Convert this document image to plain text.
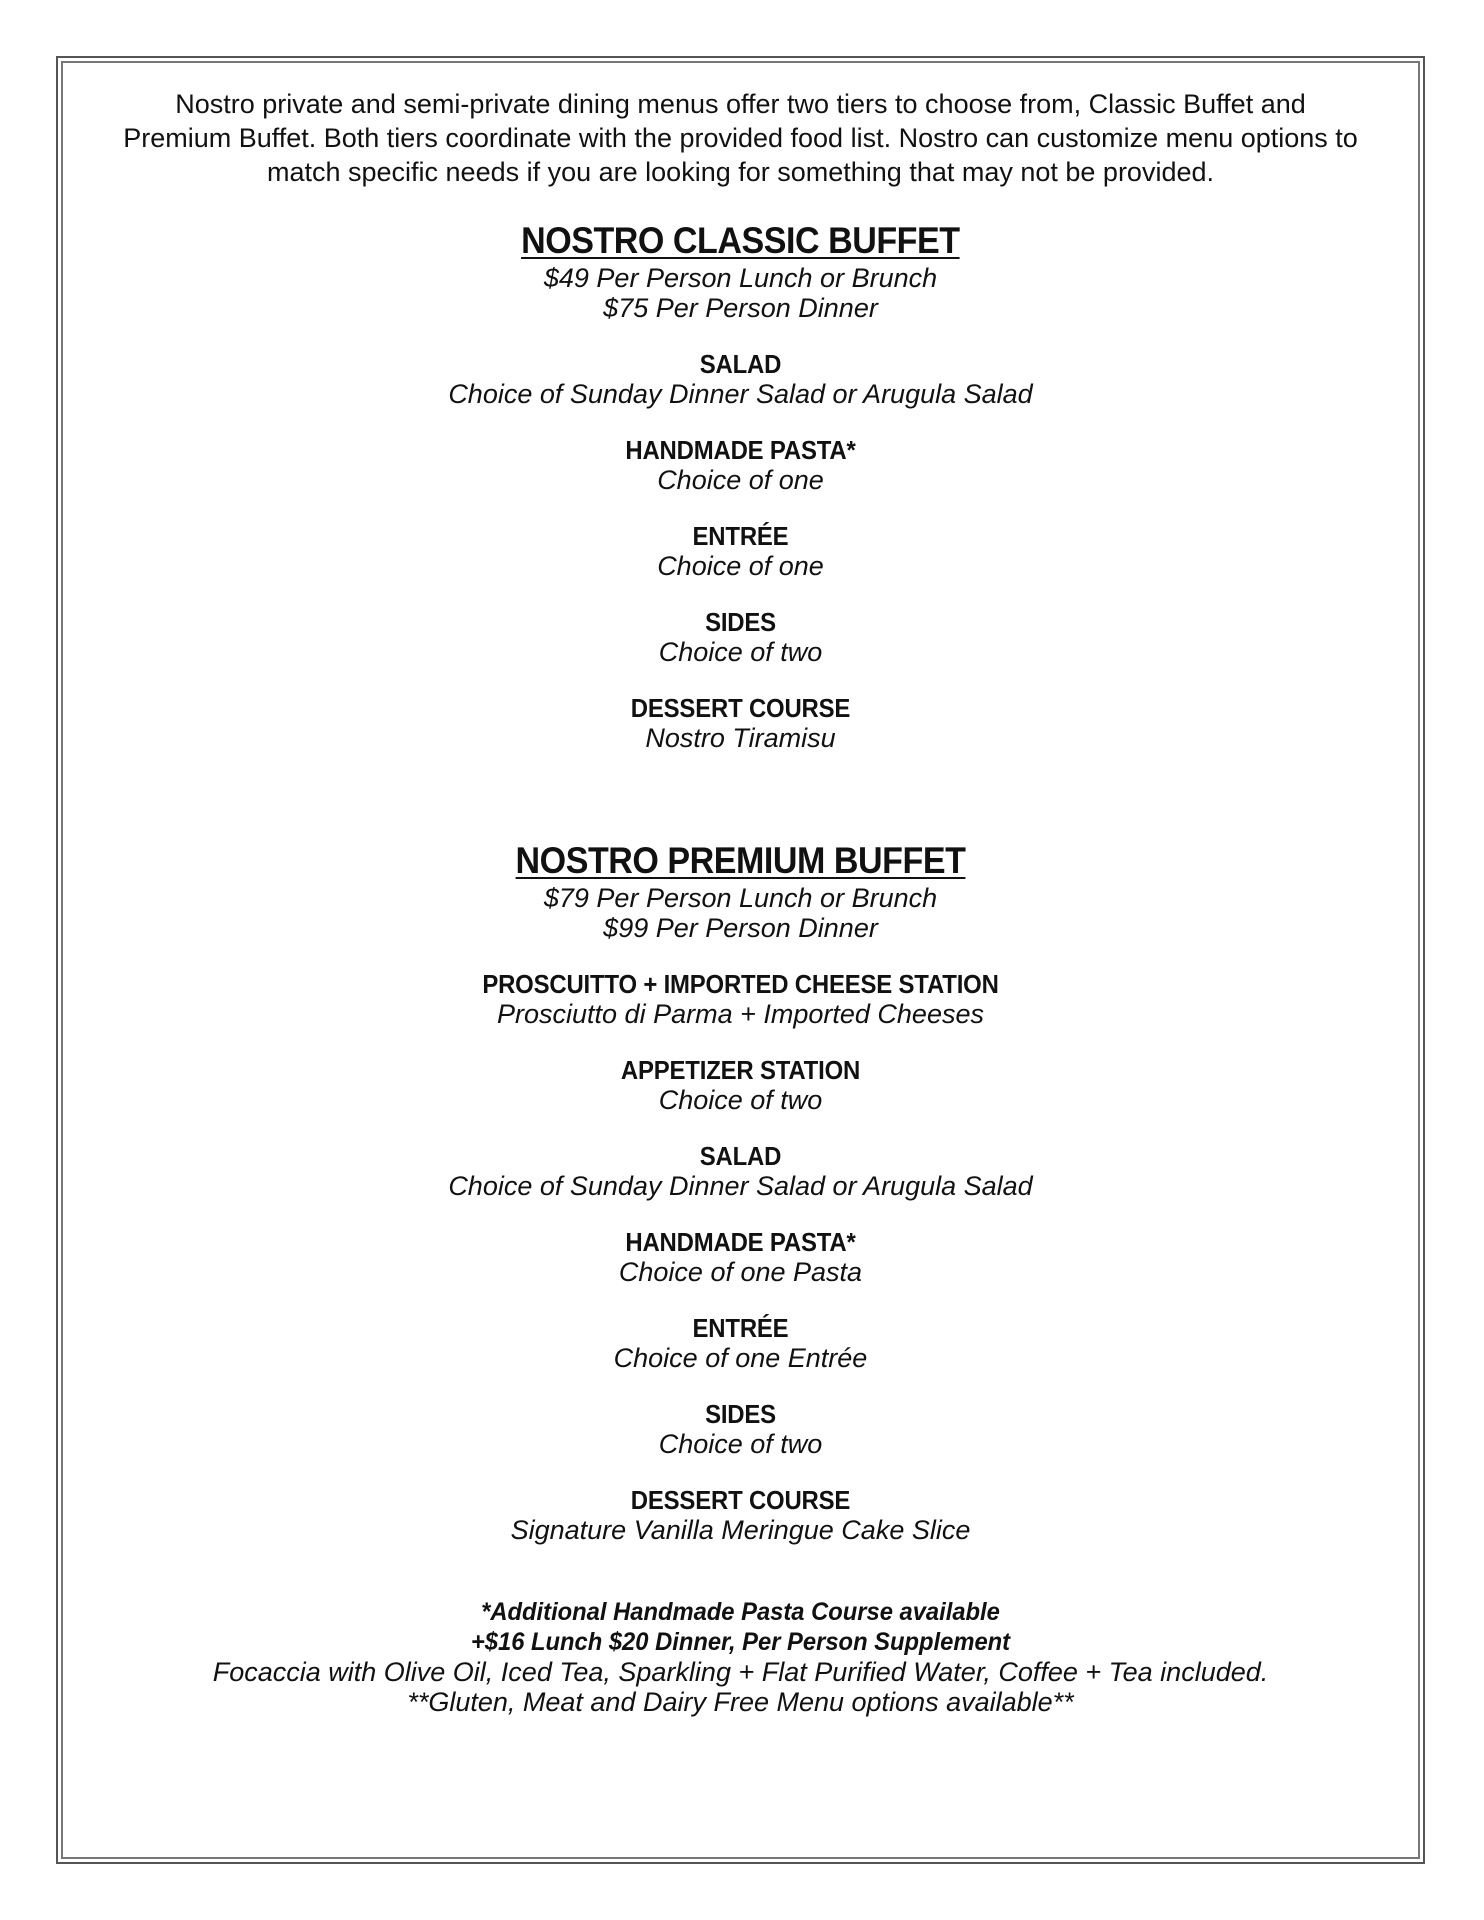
Nostro private and semi-private dining menus offer two tiers to choose from, Classic Buffet and Premium Buffet. Both tiers coordinate with the provided food list. Nostro can customize menu options to match specific needs if you are looking for something that may not be provided.
NOSTRO CLASSIC BUFFET
$49 Per Person Lunch or Brunch
$75 Per Person Dinner
SALAD
Choice of Sunday Dinner Salad or Arugula Salad
HANDMADE PASTA*
Choice of one
ENTRÉE
Choice of one
SIDES
Choice of two
DESSERT COURSE
Nostro Tiramisu
NOSTRO PREMIUM BUFFET
$79 Per Person Lunch or Brunch
$99 Per Person Dinner
PROSCUITTO + IMPORTED CHEESE STATION
Prosciutto di Parma + Imported Cheeses
APPETIZER STATION
Choice of two
SALAD
Choice of Sunday Dinner Salad or Arugula Salad
HANDMADE PASTA*
Choice of one Pasta
ENTRÉE
Choice of one Entrée
SIDES
Choice of two
DESSERT COURSE
Signature Vanilla Meringue Cake Slice
*Additional Handmade Pasta Course available
+$16 Lunch $20 Dinner, Per Person Supplement
Focaccia with Olive Oil, Iced Tea, Sparkling + Flat Purified Water, Coffee + Tea included.
**Gluten, Meat and Dairy Free Menu options available**
